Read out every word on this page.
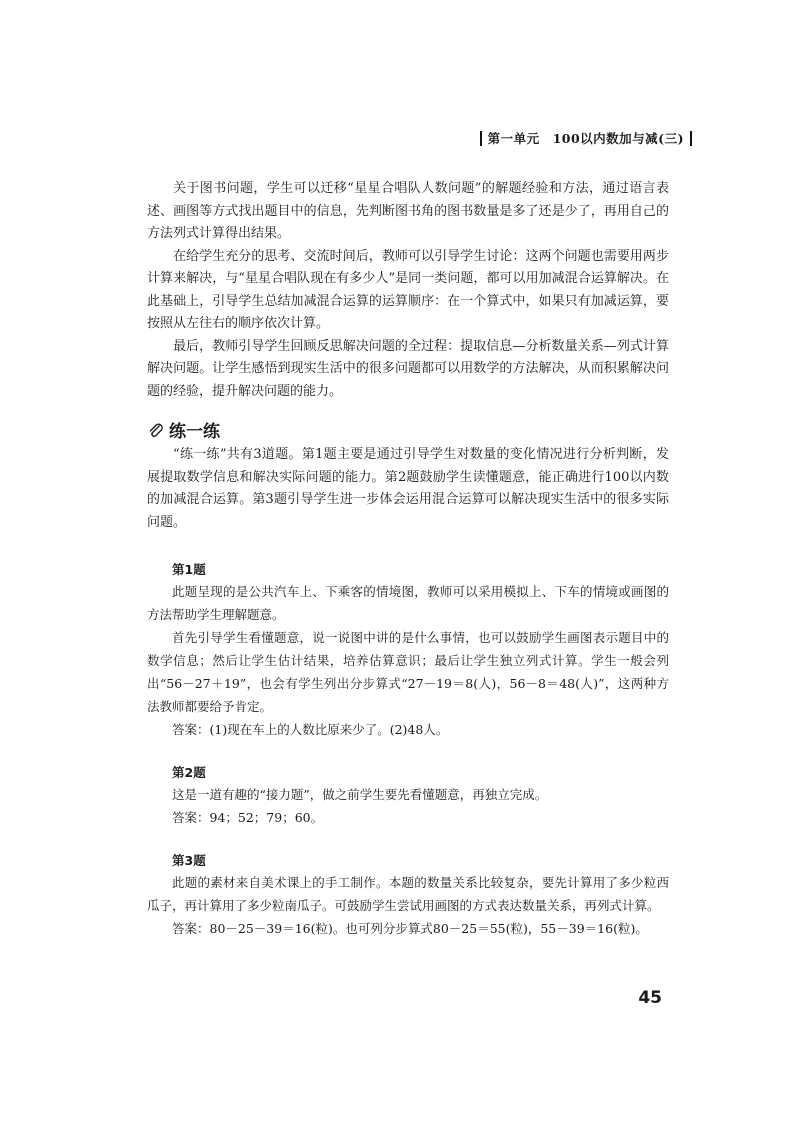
第一单元　100以内数加与减(三)

关于图书问题，学生可以迁移“星星合唱队人数问题”的解题经验和方法，通过语言表述、画图等方式找出题目中的信息，先判断图书角的图书数量是多了还是少了，再用自己的方法列式计算得出结果。

在给学生充分的思考、交流时间后，教师可以引导学生讨论：这两个问题也需要用两步计算来解决，与“星星合唱队现在有多少人”是同一类问题，都可以用加减混合运算解决。在此基础上，引导学生总结加减混合运算的运算顺序：在一个算式中，如果只有加减运算，要按照从左往右的顺序依次计算。

最后，教师引导学生回顾反思解决问题的全过程：提取信息—分析数量关系—列式计算解决问题。让学生感悟到现实生活中的很多问题都可以用数学的方法解决，从而积累解决问题的经验，提升解决问题的能力。

练一练

“练一练”共有3道题。第1题主要是通过引导学生对数量的变化情况进行分析判断，发展提取数学信息和解决实际问题的能力。第2题鼓励学生读懂题意，能正确进行100以内数的加减混合运算。第3题引导学生进一步体会运用混合运算可以解决现实生活中的很多实际问题。

第1题

此题呈现的是公共汽车上、下乘客的情境图，教师可以采用模拟上、下车的情境或画图的方法帮助学生理解题意。

首先引导学生看懂题意，说一说图中讲的是什么事情，也可以鼓励学生画图表示题目中的数学信息；然后让学生估计结果，培养估算意识；最后让学生独立列式计算。学生一般会列出“56－27＋19”，也会有学生列出分步算式“27－19＝8(人)，56－8＝48(人)”，这两种方法教师都要给予肯定。

答案：(1)现在车上的人数比原来少了。(2)48人。

第2题

这是一道有趣的“接力题”，做之前学生要先看懂题意，再独立完成。

答案：94；52；79；60。

第3题

此题的素材来自美术课上的手工制作。本题的数量关系比较复杂，要先计算用了多少粒西瓜子，再计算用了多少粒南瓜子。可鼓励学生尝试用画图的方式表达数量关系，再列式计算。

答案：80－25－39＝16(粒)。也可列分步算式80－25＝55(粒)，55－39＝16(粒)。

45
